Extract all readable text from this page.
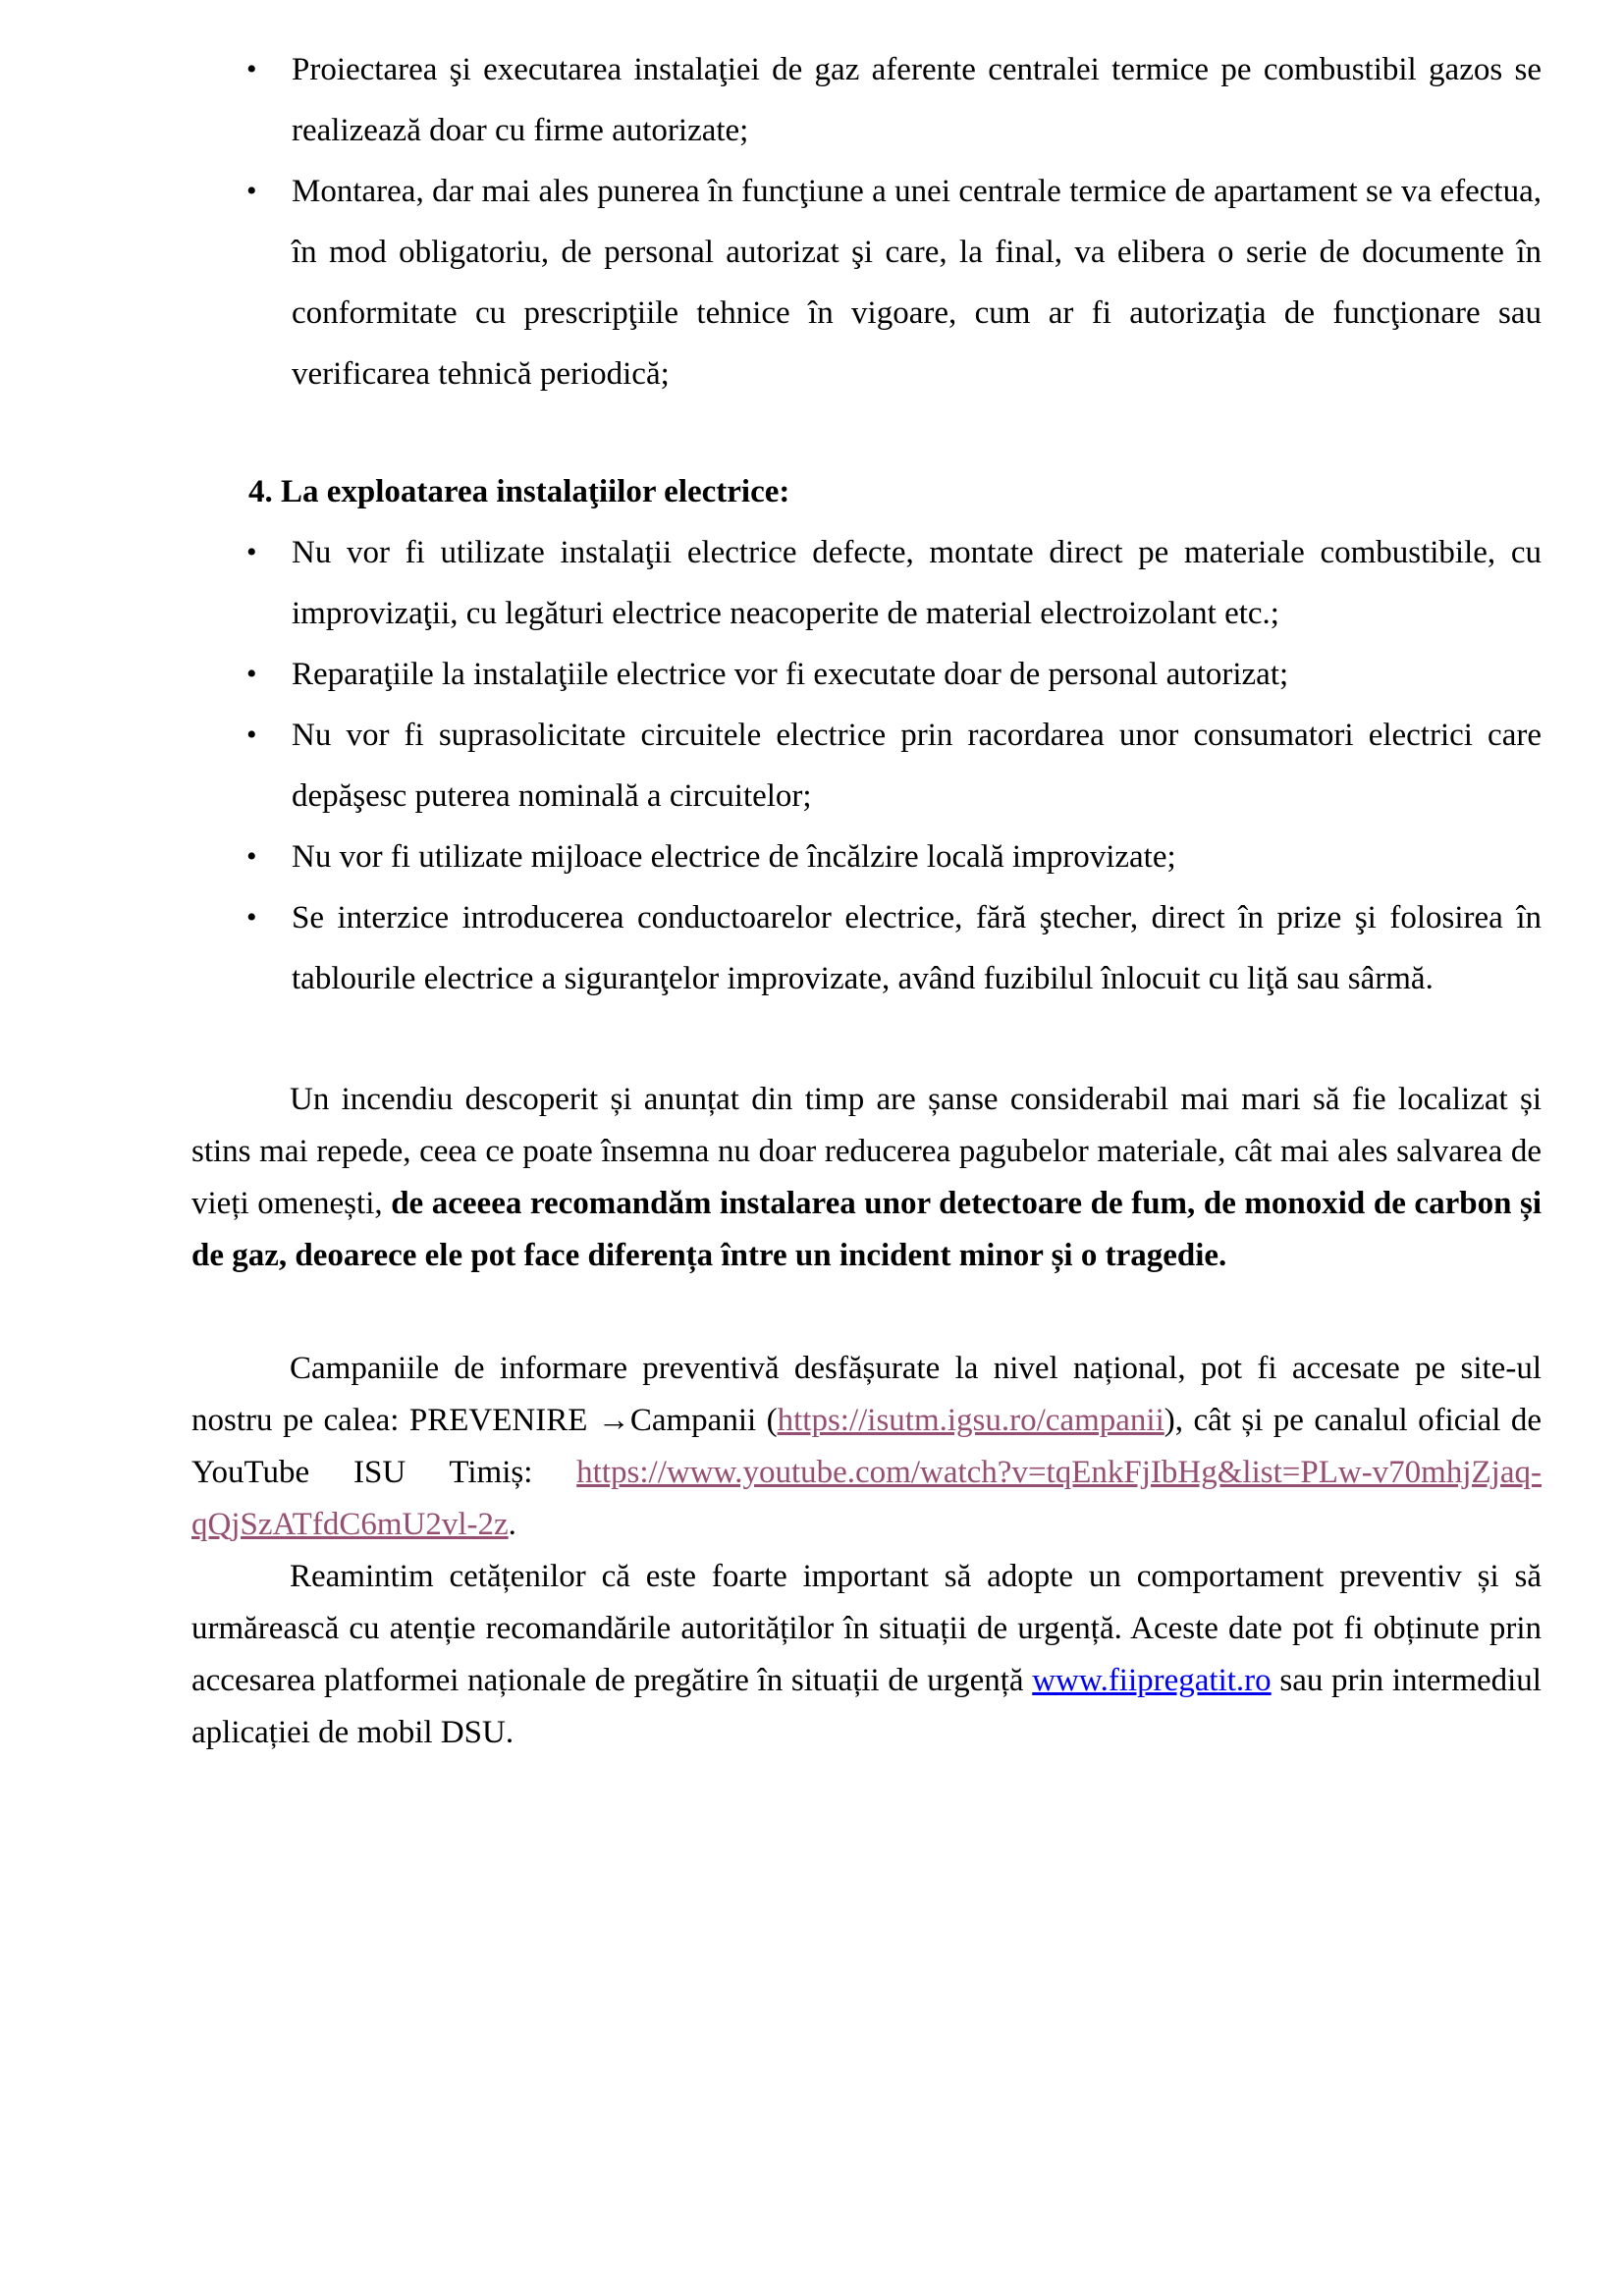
• Proiectarea şi executarea instalaţiei de gaz aferente centralei termice pe combustibil gazos se realizează doar cu firme autorizate;
• Montarea, dar mai ales punerea în funcţiune a unei centrale termice de apartament se va efectua, în mod obligatoriu, de personal autorizat şi care, la final, va elibera o serie de documente în conformitate cu prescripţiile tehnice în vigoare, cum ar fi autorizaţia de funcţionare sau verificarea tehnică periodică;
4. La exploatarea instalaţiilor electrice:
• Nu vor fi utilizate instalaţii electrice defecte, montate direct pe materiale combustibile, cu improvizaţii, cu legături electrice neacoperite de material electroizolant etc.;
• Reparaţiile la instalaţiile electrice vor fi executate doar de personal autorizat;
• Nu vor fi suprasolicitate circuitele electrice prin racordarea unor consumatori electrici care depăşesc puterea nominală a circuitelor;
• Nu vor fi utilizate mijloace electrice de încălzire locală improvizate;
• Se interzice introducerea conductoarelor electrice, fără ştecher, direct în prize şi folosirea în tablourile electrice a siguranţelor improvizate, având fuzibilul înlocuit cu liţă sau sârmă.

Un incendiu descoperit și anunțat din timp are șanse considerabil mai mari să fie localizat și stins mai repede, ceea ce poate însemna nu doar reducerea pagubelor materiale, cât mai ales salvarea de vieți omenești, de aceeea recomandăm instalarea unor detectoare de fum, de monoxid de carbon și de gaz, deoarece ele pot face diferența între un incident minor și o tragedie.

Campaniile de informare preventivă desfășurate la nivel național, pot fi accesate pe site-ul nostru pe calea: PREVENIRE →Campanii (https://isutm.igsu.ro/campanii), cât și pe canalul oficial de YouTube ISU Timiș: https://www.youtube.com/watch?v=tqEnkFjIbHg&list=PLw-v70mhjZjaq-qQjSzATfdC6mU2vl-2z.

Reamintim cetățenilor că este foarte important să adopte un comportament preventiv și să urmărească cu atenție recomandările autorităților în situații de urgență. Aceste date pot fi obținute prin accesarea platformei naționale de pregătire în situații de urgență www.fiipregatit.ro sau prin intermediul aplicației de mobil DSU.
